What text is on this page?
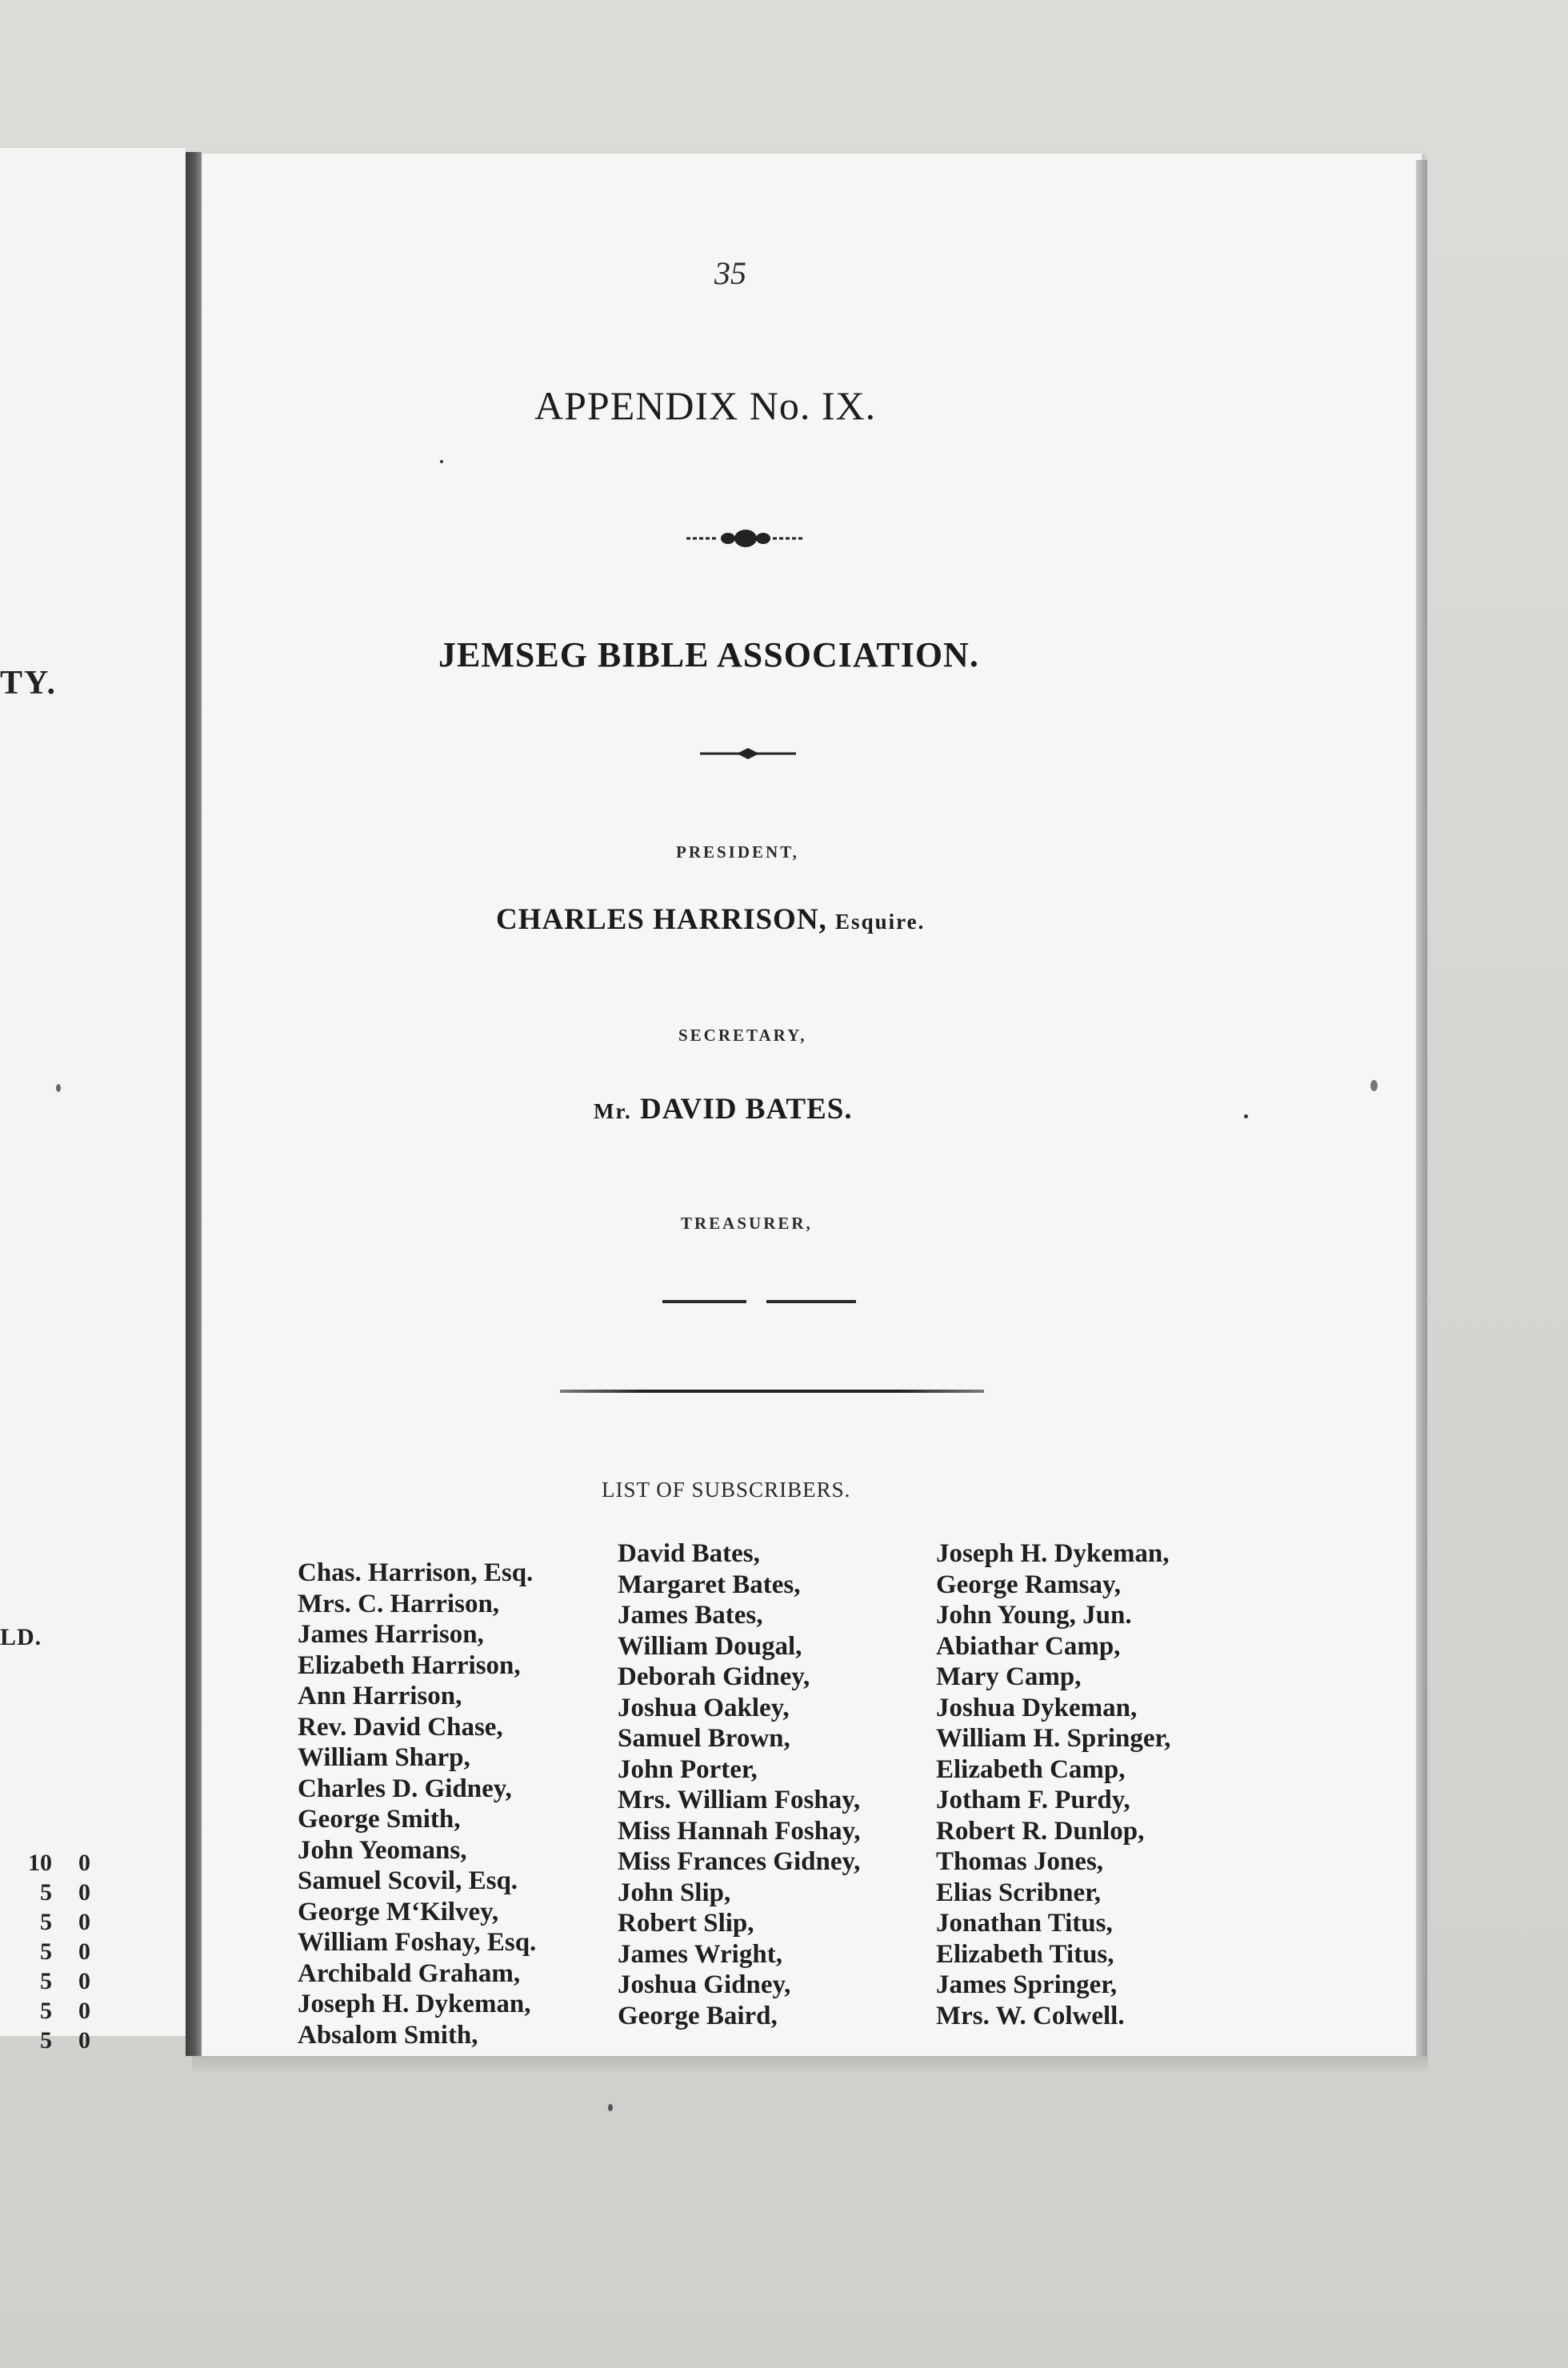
TY.
LD.
10	0
5	0
5	0
5	0
5	0
5	0
5	0
35
APPENDIX No. IX.
JEMSEG BIBLE ASSOCIATION.
PRESIDENT,
CHARLES HARRISON, Esquire.
SECRETARY,
Mr. DAVID BATES.
TREASURER,
LIST OF SUBSCRIBERS.
Chas. Harrison, Esq.
Mrs. C. Harrison,
James Harrison,
Elizabeth Harrison,
Ann Harrison,
Rev. David Chase,
William Sharp,
Charles D. Gidney,
George Smith,
John Yeomans,
Samuel Scovil, Esq.
George M‘Kilvey,
William Foshay, Esq.
Archibald Graham,
Joseph H. Dykeman,
Absalom Smith,
David Bates,
Margaret Bates,
James Bates,
William Dougal,
Deborah Gidney,
Joshua Oakley,
Samuel Brown,
John Porter,
Mrs. William Foshay,
Miss Hannah Foshay,
Miss Frances Gidney,
John Slip,
Robert Slip,
James Wright,
Joshua Gidney,
George Baird,
Joseph H. Dykeman,
George Ramsay,
John Young, Jun.
Abiathar Camp,
Mary Camp,
Joshua Dykeman,
William H. Springer,
Elizabeth Camp,
Jotham F. Purdy,
Robert R. Dunlop,
Thomas Jones,
Elias Scribner,
Jonathan Titus,
Elizabeth Titus,
James Springer,
Mrs. W. Colwell.
